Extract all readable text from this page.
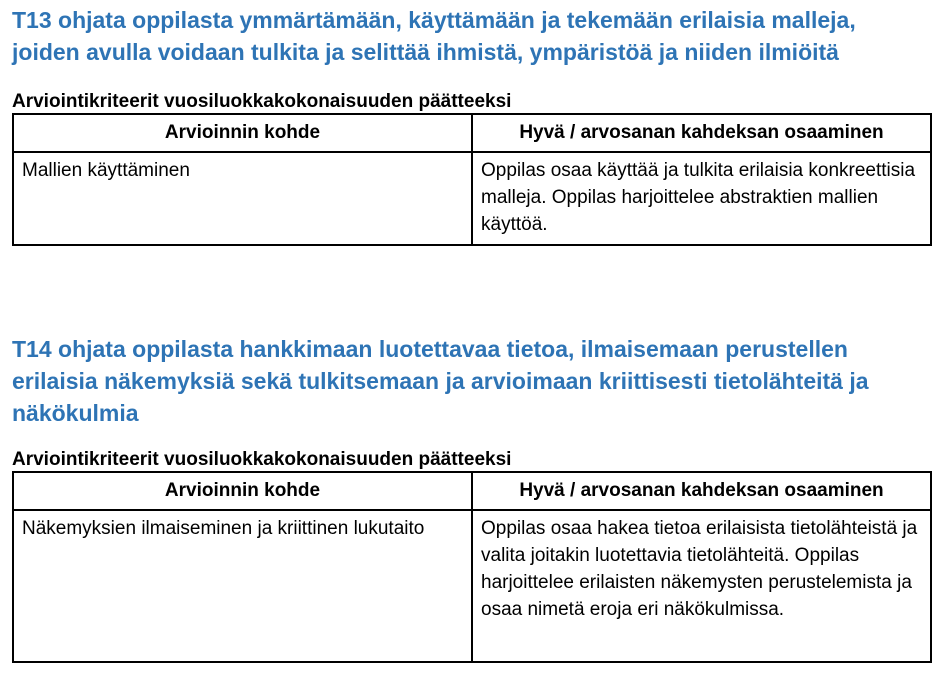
T13 ohjata oppilasta ymmärtämään, käyttämään ja tekemään erilaisia malleja, joiden avulla voidaan tulkita ja selittää ihmistä, ympäristöä ja niiden ilmiöitä

Arviointikriteerit vuosiluokkakokonaisuuden päätteeksi

Arvioinnin kohde	Hyvä / arvosanan kahdeksan osaaminen
Mallien käyttäminen	Oppilas osaa käyttää ja tulkita erilaisia konkreettisia malleja. Oppilas harjoittelee abstraktien mallien käyttöä.
T14 ohjata oppilasta hankkimaan luotettavaa tietoa, ilmaisemaan perustellen erilaisia näkemyksiä sekä tulkitsemaan ja arvioimaan kriittisesti tietolähteitä ja näkökulmia

Arviointikriteerit vuosiluokkakokonaisuuden päätteeksi

Arvioinnin kohde	Hyvä / arvosanan kahdeksan osaaminen
Näkemyksien ilmaiseminen ja kriittinen lukutaito	Oppilas osaa hakea tietoa erilaisista tietolähteistä ja valita joitakin luotettavia tietolähteitä. Oppilas harjoittelee erilaisten näkemysten perustelemista ja osaa nimetä eroja eri näkökulmissa.
